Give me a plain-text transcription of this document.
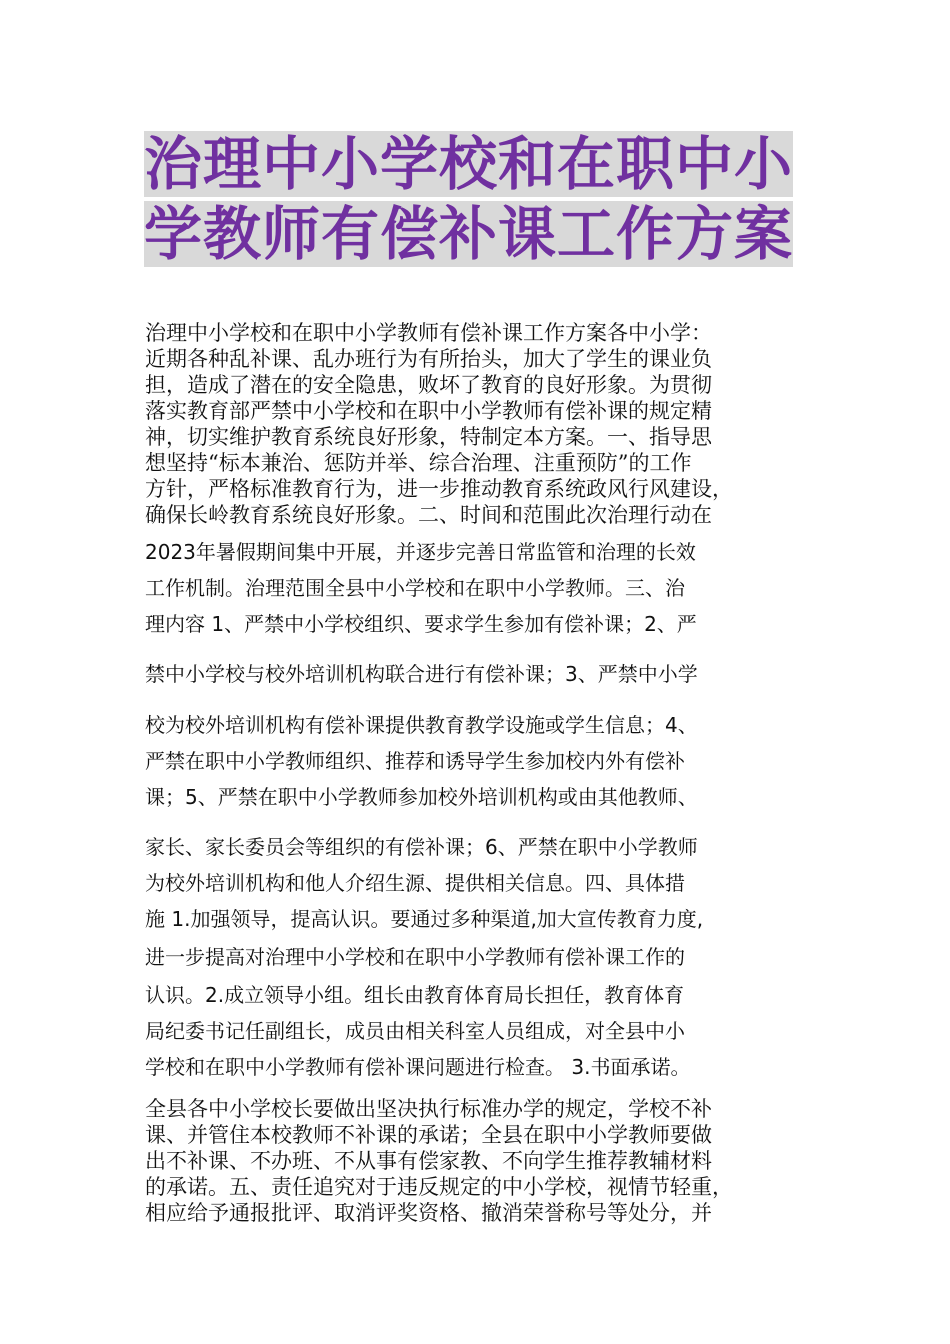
治理中小学校和在职中小
学教师有偿补课工作方案
治理中小学校和在职中小学教师有偿补课工作方案各中小学：
近期各种乱补课、乱办班行为有所抬头，加大了学生的课业负
担，造成了潜在的安全隐患，败坏了教育的良好形象。为贯彻
落实教育部严禁中小学校和在职中小学教师有偿补课的规定精
神，切实维护教育系统良好形象，特制定本方案。一、指导思
想坚持“标本兼治、惩防并举、综合治理、注重预防”的工作
方针，严格标准教育行为，进一步推动教育系统政风行风建设，
确保长岭教育系统良好形象。二、时间和范围此次治理行动在
2023年暑假期间集中开展，并逐步完善日常监管和治理的长效
工作机制。治理范围全县中小学校和在职中小学教师。三、治
理内容 1、严禁中小学校组织、要求学生参加有偿补课；2、严
禁中小学校与校外培训机构联合进行有偿补课；3、严禁中小学
校为校外培训机构有偿补课提供教育教学设施或学生信息；4、
严禁在职中小学教师组织、推荐和诱导学生参加校内外有偿补
课；5、严禁在职中小学教师参加校外培训机构或由其他教师、
家长、家长委员会等组织的有偿补课；6、严禁在职中小学教师
为校外培训机构和他人介绍生源、提供相关信息。四、具体措
施 1.加强领导，提高认识。要通过多种渠道,加大宣传教育力度,
进一步提高对治理中小学校和在职中小学教师有偿补课工作的
认识。2.成立领导小组。组长由教育体育局长担任，教育体育
局纪委书记任副组长，成员由相关科室人员组成，对全县中小
学校和在职中小学教师有偿补课问题进行检查。 3.书面承诺。
全县各中小学校长要做出坚决执行标准办学的规定，学校不补
课、并管住本校教师不补课的承诺；全县在职中小学教师要做
出不补课、不办班、不从事有偿家教、不向学生推荐教辅材料
的承诺。五、责任追究对于违反规定的中小学校，视情节轻重，
相应给予通报批评、取消评奖资格、撤消荣誉称号等处分，并
